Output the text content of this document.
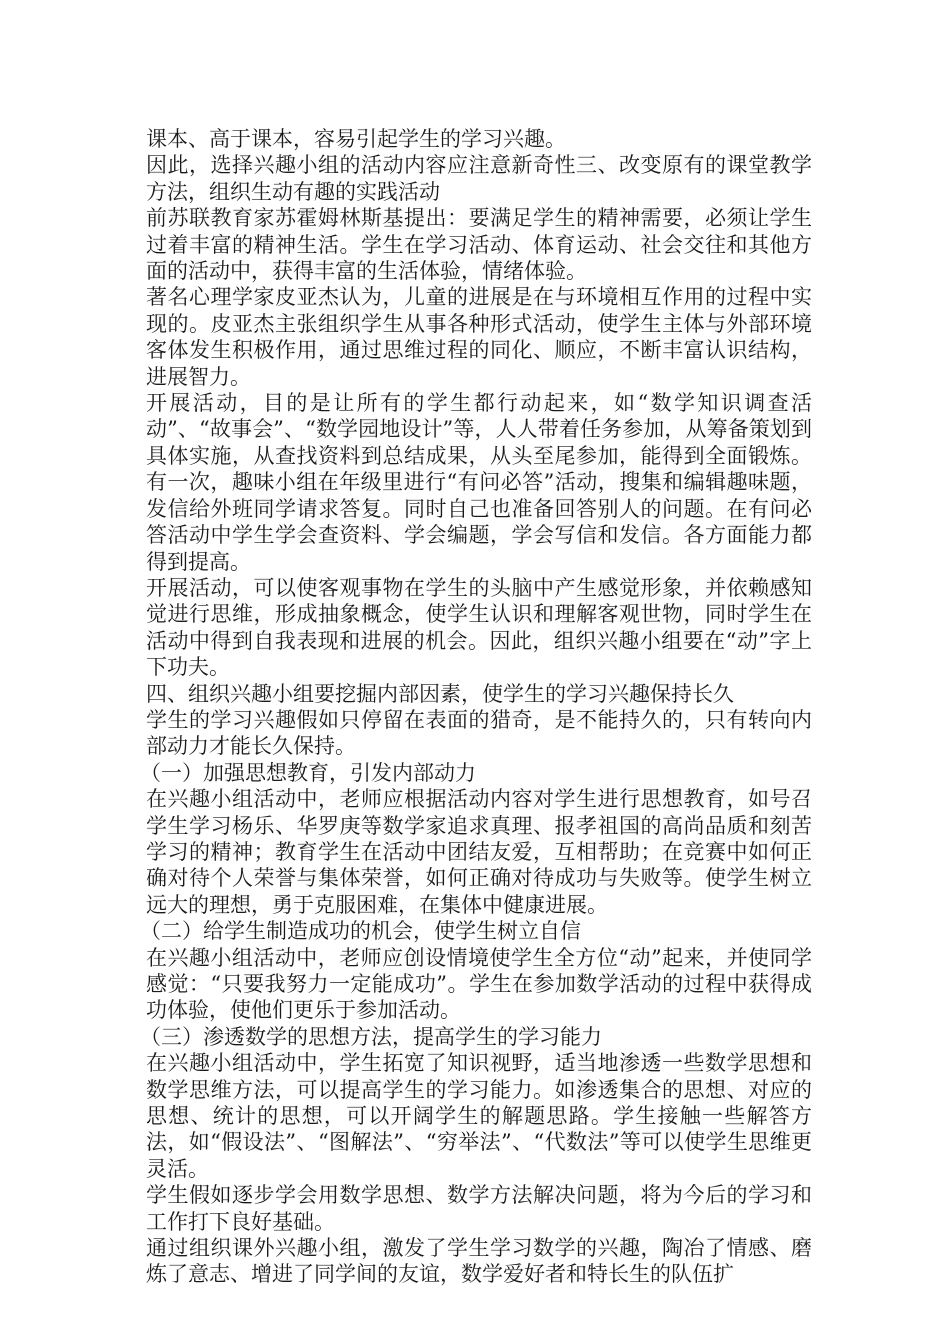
课本、高于课本，容易引起学生的学习兴趣。

因此，选择兴趣小组的活动内容应注意新奇性三、改变原有的课堂教学方法，组织生动有趣的实践活动

前苏联教育家苏霍姆林斯基提出：要满足学生的精神需要，必须让学生过着丰富的精神生活。学生在学习活动、体育运动、社会交往和其他方面的活动中，获得丰富的生活体验，情绪体验。

著名心理学家皮亚杰认为，儿童的进展是在与环境相互作用的过程中实现的。皮亚杰主张组织学生从事各种形式活动，使学生主体与外部环境客体发生积极作用，通过思维过程的同化、顺应，不断丰富认识结构，进展智力。

开展活动，目的是让所有的学生都行动起来，如“数学知识调查活动”、“故事会”、“数学园地设计”等，人人带着任务参加，从筹备策划到具体实施，从查找资料到总结成果，从头至尾参加，能得到全面锻炼。有一次，趣味小组在年级里进行“有问必答”活动，搜集和编辑趣味题，发信给外班同学请求答复。同时自己也准备回答别人的问题。在有问必答活动中学生学会查资料、学会编题，学会写信和发信。各方面能力都得到提高。

开展活动，可以使客观事物在学生的头脑中产生感觉形象，并依赖感知觉进行思维，形成抽象概念，使学生认识和理解客观世物，同时学生在活动中得到自我表现和进展的机会。因此，组织兴趣小组要在“动”字上下功夫。

四、组织兴趣小组要挖掘内部因素，使学生的学习兴趣保持长久

学生的学习兴趣假如只停留在表面的猎奇，是不能持久的，只有转向内部动力才能长久保持。

（一）加强思想教育，引发内部动力

在兴趣小组活动中，老师应根据活动内容对学生进行思想教育，如号召学生学习杨乐、华罗庚等数学家追求真理、报孝祖国的高尚品质和刻苦学习的精神；教育学生在活动中团结友爱，互相帮助；在竞赛中如何正确对待个人荣誉与集体荣誉，如何正确对待成功与失败等。使学生树立远大的理想，勇于克服困难，在集体中健康进展。

（二）给学生制造成功的机会，使学生树立自信

在兴趣小组活动中，老师应创设情境使学生全方位“动”起来，并使同学感觉：“只要我努力一定能成功”。学生在参加数学活动的过程中获得成功体验，使他们更乐于参加活动。

（三）渗透数学的思想方法，提高学生的学习能力

在兴趣小组活动中，学生拓宽了知识视野，适当地渗透一些数学思想和数学思维方法，可以提高学生的学习能力。如渗透集合的思想、对应的思想、统计的思想，可以开阔学生的解题思路。学生接触一些解答方法，如“假设法”、“图解法”、“穷举法”、“代数法”等可以使学生思维更灵活。

学生假如逐步学会用数学思想、数学方法解决问题，将为今后的学习和工作打下良好基础。

通过组织课外兴趣小组，激发了学生学习数学的兴趣，陶冶了情感、磨炼了意志、增进了同学间的友谊，数学爱好者和特长生的队伍扩
